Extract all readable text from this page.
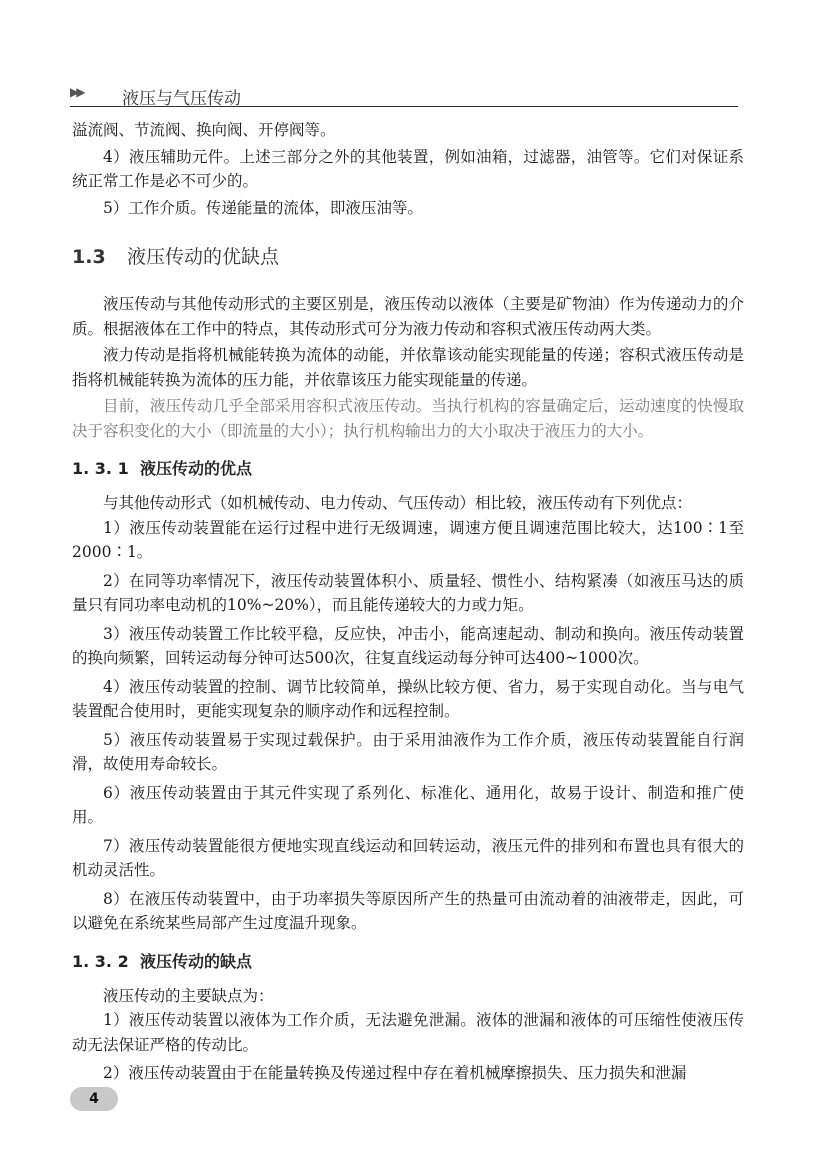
▶▶ 液压与气压传动

溢流阀、节流阀、换向阀、开停阀等。

4）液压辅助元件。上述三部分之外的其他装置，例如油箱，过滤器，油管等。它们对保证系统正常工作是必不可少的。

5）工作介质。传递能量的流体，即液压油等。

1.3 液压传动的优缺点

液压传动与其他传动形式的主要区别是，液压传动以液体（主要是矿物油）作为传递动力的介质。根据液体在工作中的特点，其传动形式可分为液力传动和容积式液压传动两大类。

液力传动是指将机械能转换为流体的动能，并依靠该动能实现能量的传递；容积式液压传动是指将机械能转换为流体的压力能，并依靠该压力能实现能量的传递。

目前，液压传动几乎全部采用容积式液压传动。当执行机构的容量确定后，运动速度的快慢取决于容积变化的大小（即流量的大小）；执行机构输出力的大小取决于液压力的大小。

1. 3. 1 液压传动的优点

与其他传动形式（如机械传动、电力传动、气压传动）相比较，液压传动有下列优点：

1）液压传动装置能在运行过程中进行无级调速，调速方便且调速范围比较大，达100∶1至2000∶1。

2）在同等功率情况下，液压传动装置体积小、质量轻、惯性小、结构紧凑（如液压马达的质量只有同功率电动机的10%~20%），而且能传递较大的力或力矩。

3）液压传动装置工作比较平稳，反应快，冲击小，能高速起动、制动和换向。液压传动装置的换向频繁，回转运动每分钟可达500次，往复直线运动每分钟可达400~1000次。

4）液压传动装置的控制、调节比较简单，操纵比较方便、省力，易于实现自动化。当与电气装置配合使用时，更能实现复杂的顺序动作和远程控制。

5）液压传动装置易于实现过载保护。由于采用油液作为工作介质，液压传动装置能自行润滑，故使用寿命较长。

6）液压传动装置由于其元件实现了系列化、标准化、通用化，故易于设计、制造和推广使用。

7）液压传动装置能很方便地实现直线运动和回转运动，液压元件的排列和布置也具有很大的机动灵活性。

8）在液压传动装置中，由于功率损失等原因所产生的热量可由流动着的油液带走，因此，可以避免在系统某些局部产生过度温升现象。

1. 3. 2 液压传动的缺点

液压传动的主要缺点为：

1）液压传动装置以液体为工作介质，无法避免泄漏。液体的泄漏和液体的可压缩性使液压传动无法保证严格的传动比。

2）液压传动装置由于在能量转换及传递过程中存在着机械摩擦损失、压力损失和泄漏

4
